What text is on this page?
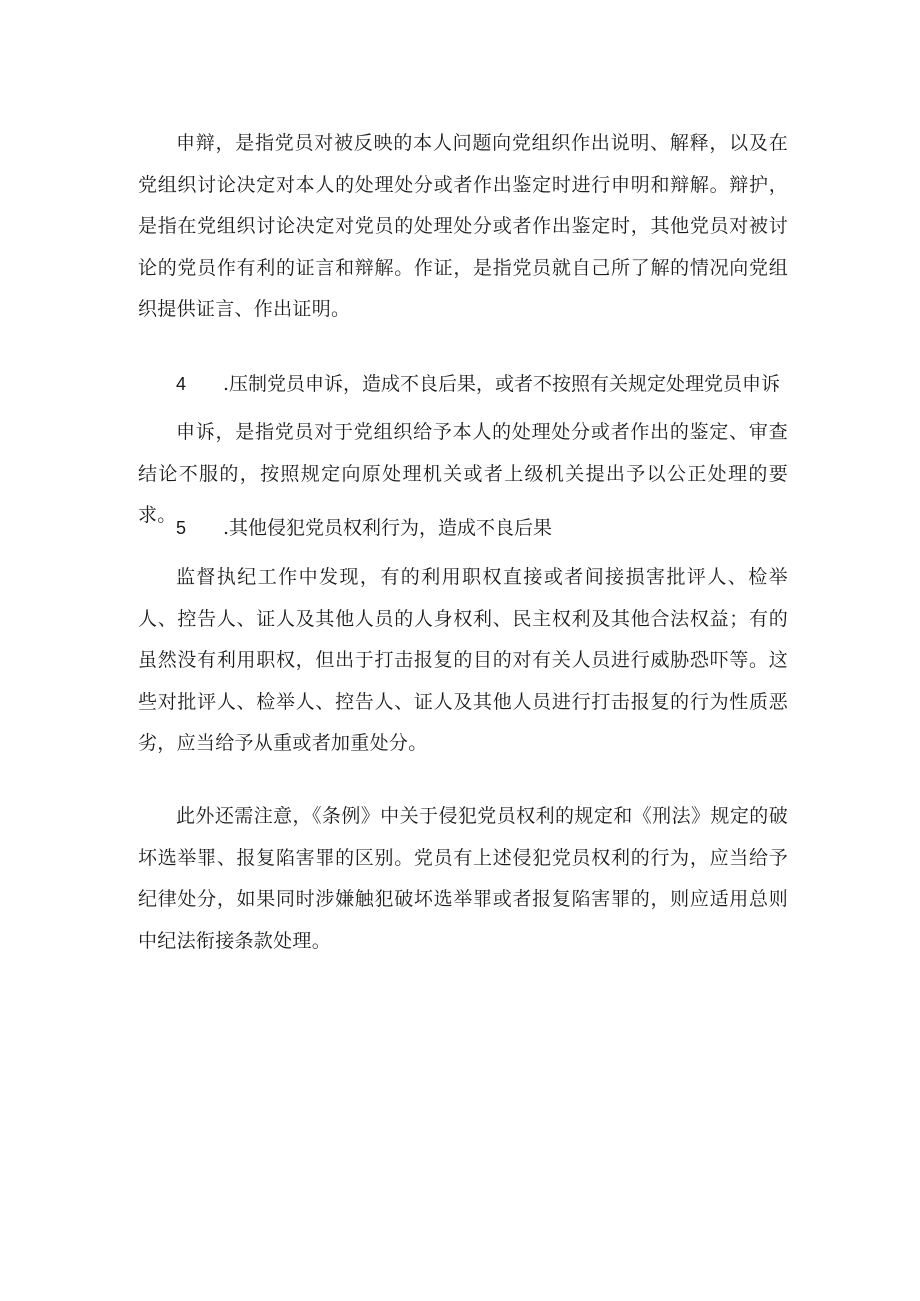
申辩，是指党员对被反映的本人问题向党组织作出说明、解释，以及在党组织讨论决定对本人的处理处分或者作出鉴定时进行申明和辩解。辩护，是指在党组织讨论决定对党员的处理处分或者作出鉴定时，其他党员对被讨论的党员作有利的证言和辩解。作证，是指党员就自己所了解的情况向党组织提供证言、作出证明。

4 .压制党员申诉，造成不良后果，或者不按照有关规定处理党员申诉

申诉，是指党员对于党组织给予本人的处理处分或者作出的鉴定、审查结论不服的，按照规定向原处理机关或者上级机关提出予以公正处理的要求。

5 .其他侵犯党员权利行为，造成不良后果

监督执纪工作中发现，有的利用职权直接或者间接损害批评人、检举人、控告人、证人及其他人员的人身权利、民主权利及其他合法权益；有的虽然没有利用职权，但出于打击报复的目的对有关人员进行威胁恐吓等。这些对批评人、检举人、控告人、证人及其他人员进行打击报复的行为性质恶劣，应当给予从重或者加重处分。

此外还需注意，《条例》中关于侵犯党员权利的规定和《刑法》规定的破坏选举罪、报复陷害罪的区别。党员有上述侵犯党员权利的行为，应当给予纪律处分，如果同时涉嫌触犯破坏选举罪或者报复陷害罪的，则应适用总则中纪法衔接条款处理。
